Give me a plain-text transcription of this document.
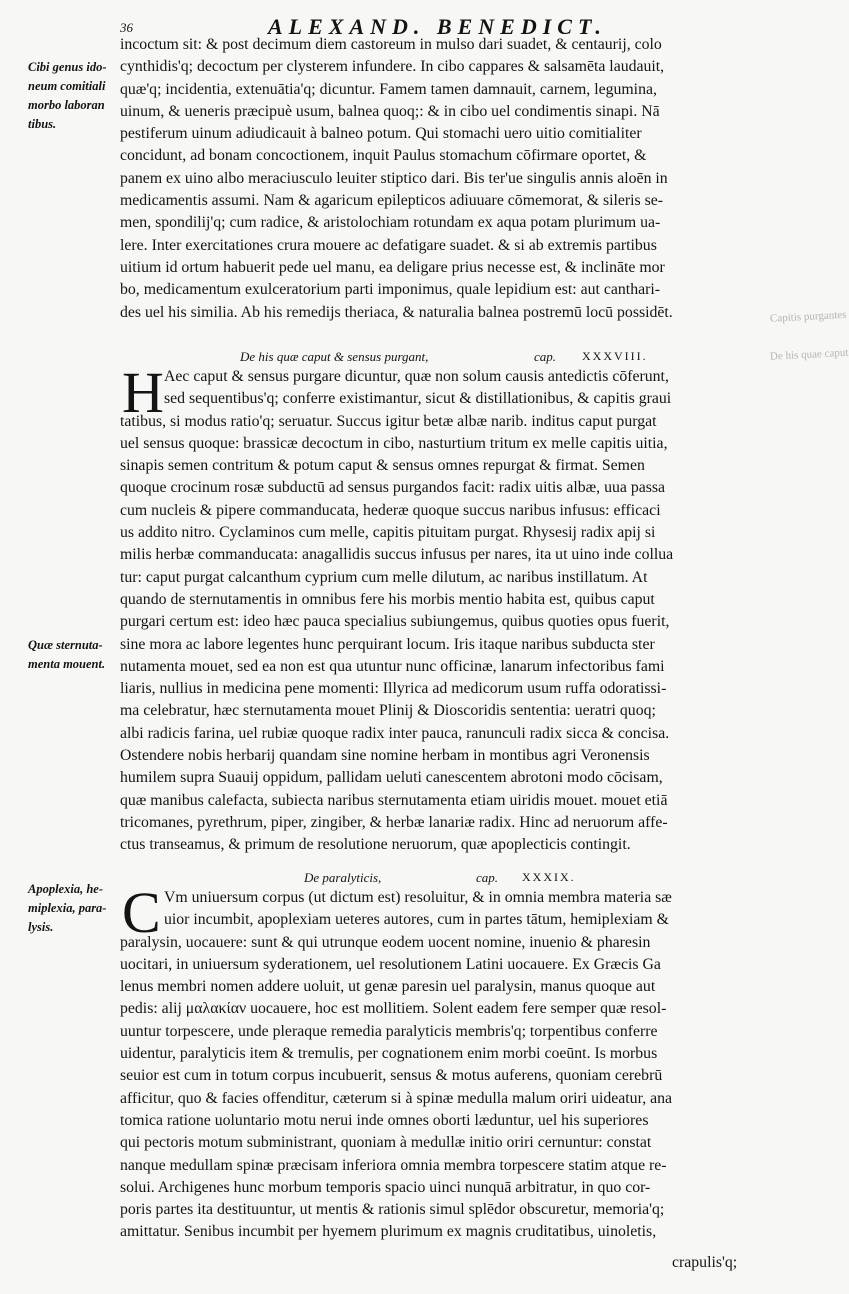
36	ALEXAND. BENEDICT.
Cibi genus ido-
neum comitiali
morbo laboran
tibus.
Quæ sternuta-
menta mouent.
Apoplexia, he-
miplexia, para-
lysis.
incoctum sit: & post decimum diem castoreum in mulso dari suadet, & centaurij, colo
cynthidis'q; decoctum per clysterem infundere. In cibo cappares & salsamēta laudauit,
quæ'q; incidentia, extenuātia'q; dicuntur. Famem tamen damnauit, carnem, legumina,
uinum, & ueneris præcipuè usum, balnea quoq;: & in cibo uel condimentis sinapi. Nā
pestiferum uinum adiudicauit à balneo potum. Qui stomachi uero uitio comitialiter
concidunt, ad bonam concoctionem, inquit Paulus stomachum cōfirmare oportet, &
panem ex uino albo meraciusculo leuiter stiptico dari. Bis ter'ue singulis annis aloēn in
medicamentis assumi. Nam & agaricum epilepticos adiuuare cōmemorat, & sileris se-
men, spondilij'q; cum radice, & aristolochiam rotundam ex aqua potam plurimum ua-
lere. Inter exercitationes crura mouere ac defatigare suadet. & si ab extremis partibus
uitium id ortum habuerit pede uel manu, ea deligare prius necesse est, & inclināte mor
bo, medicamentum exulceratorium parti imponimus, quale lepidium est: aut canthari-
des uel his similia. Ab his remedijs theriaca, & naturalia balnea postremū locū possidēt.
De his quæ caput & sensus purgant,	cap. XXXVIII.
H Aec caput & sensus purgare dicuntur, quæ non solum causis antedictis cōferunt,
sed sequentibus'q; conferre existimantur, sicut & distillationibus, & capitis graui
tatibus, si modus ratio'q; seruatur. Succus igitur betæ albæ narib. inditus caput purgat
uel sensus quoque: brassicæ decoctum in cibo, nasturtium tritum ex melle capitis uitia,
sinapis semen contritum & potum caput & sensus omnes repurgat & firmat. Semen
quoque crocinum rosæ subductū ad sensus purgandos facit: radix uitis albæ, uua passa
cum nucleis & pipere commanducata, hederæ quoque succus naribus infusus: efficaci
us addito nitro. Cyclaminos cum melle, capitis pituitam purgat. Rhysesij radix apij si
milis herbæ commanducata: anagallidis succus infusus per nares, ita ut uino inde collua
tur: caput purgat calcanthum cyprium cum melle dilutum, ac naribus instillatum. At
quando de sternutamentis in omnibus fere his morbis mentio habita est, quibus caput
purgari certum est: ideo hæc pauca specialius subiungemus, quibus quoties opus fuerit,
sine mora ac labore legentes hunc perquirant locum. Iris itaque naribus subducta ster
nutamenta mouet, sed ea non est qua utuntur nunc officinæ, lanarum infectoribus fami
liaris, nullius in medicina pene momenti: Illyrica ad medicorum usum ruffa odoratissi-
ma celebratur, hæc sternutamenta mouet Plinij & Dioscoridis sententia: ueratri quoq;
albi radicis farina, uel rubiæ quoque radix inter pauca, ranunculi radix sicca & concisa.
Ostendere nobis herbarij quandam sine nomine herbam in montibus agri Veronensis
humilem supra Suauij oppidum, pallidam ueluti canescentem abrotoni modo cōcisam,
quæ manibus calefacta, subiecta naribus sternutamenta etiam uiridis mouet. mouet etiā
tricomanes, pyrethrum, piper, zingiber, & herbæ lanariæ radix. Hinc ad neruorum affe-
ctus transeamus, & primum de resolutione neruorum, quæ apoplecticis contingit.
De paralyticis,	cap. XXXIX.
C Vm uniuersum corpus (ut dictum est) resoluitur, & in omnia membra materia sæ
uior incumbit, apoplexiam ueteres autores, cum in partes tātum, hemiplexiam &
paralysin, uocauere: sunt & qui utrunque eodem uocent nomine, inuenio & pharesin
uocitari, in uniuersum syderationem, uel resolutionem Latini uocauere. Ex Græcis Ga
lenus membri nomen addere uoluit, ut genæ paresin uel paralysin, manus quoque aut
pedis: alij μαλακίαν uocauere, hoc est mollitiem. Solent eadem fere semper quæ resol-
uuntur torpescere, unde pleraque remedia paralyticis membris'q; torpentibus conferre
uidentur, paralyticis item & tremulis, per cognationem enim morbi coeūnt. Is morbus
seuior est cum in totum corpus incubuerit, sensus & motus auferens, quoniam cerebrū
afficitur, quo & facies offenditur, cæterum si à spinæ medulla malum oriri uideatur, ana
tomica ratione uoluntario motu nerui inde omnes oborti læduntur, uel his superiores
qui pectoris motum subministrant, quoniam à medullæ initio oriri cernuntur: constat
nanque medullam spinæ præcisam inferiora omnia membra torpescere statim atque re-
solui. Archigenes hunc morbum temporis spacio uinci nunquā arbitratur, in quo cor-
poris partes ita destituuntur, ut mentis & rationis simul splēdor obscuretur, memoria'q;
amittatur. Senibus incumbit per hyemem plurimum ex magnis cruditatibus, uinoletis,
crapulis'q;
Capitis purgantes
De his quae caput
